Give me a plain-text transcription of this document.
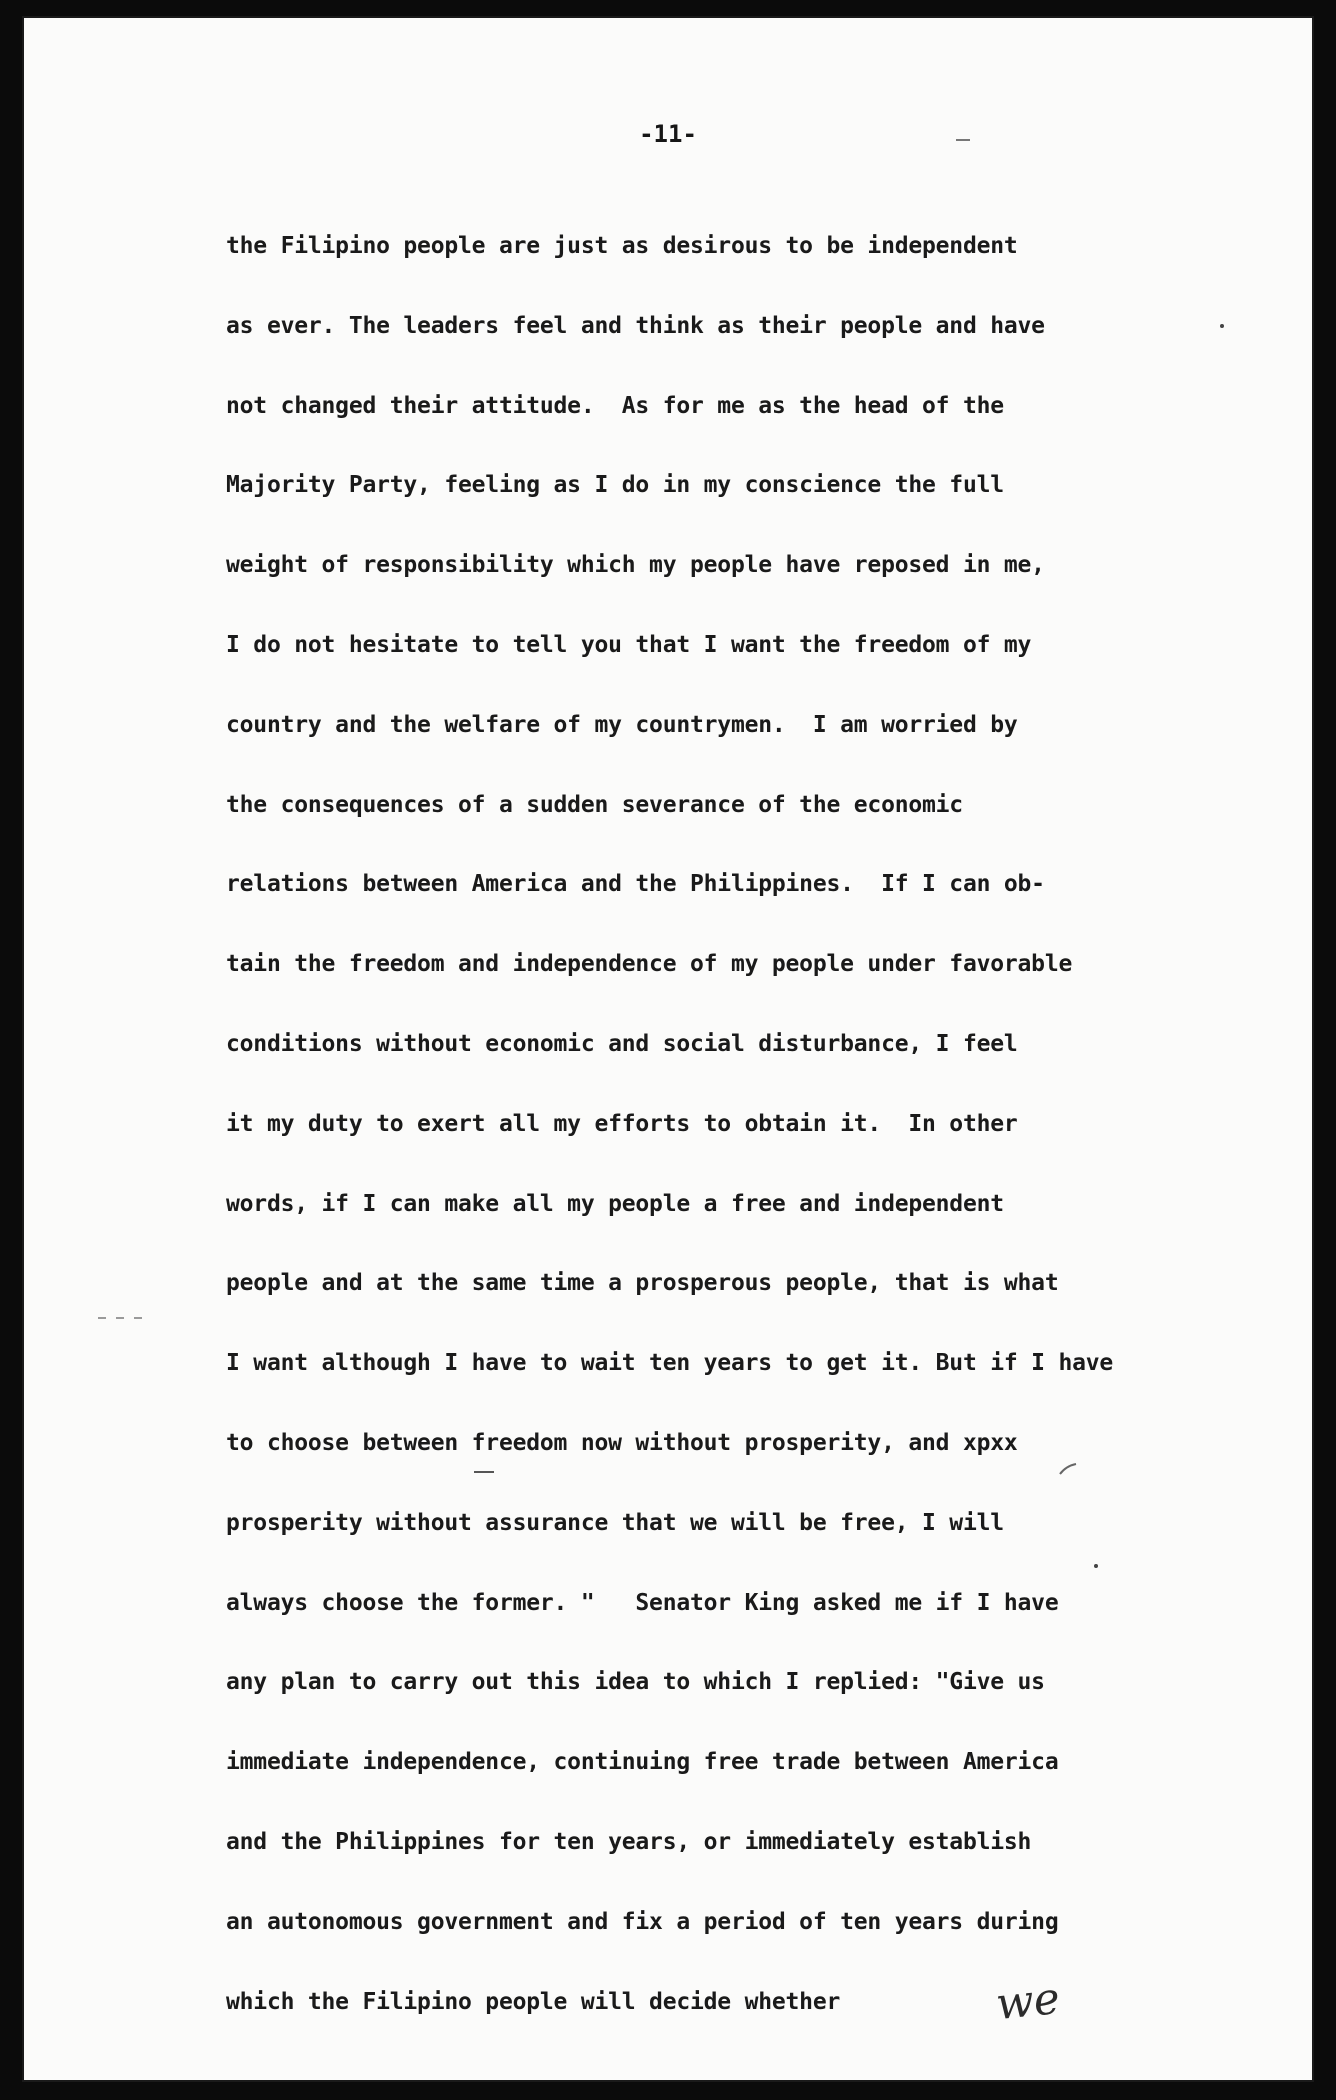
-11-
the Filipino people are just as desirous to be independent
as ever. The leaders feel and think as their people and have
not changed their attitude.  As for me as the head of the
Majority Party, feeling as I do in my conscience the full
weight of responsibility which my people have reposed in me,
I do not hesitate to tell you that I want the freedom of my
country and the welfare of my countrymen.  I am worried by
the consequences of a sudden severance of the economic
relations between America and the Philippines.  If I can ob-
tain the freedom and independence of my people under favorable
conditions without economic and social disturbance, I feel
it my duty to exert all my efforts to obtain it.  In other
words, if I can make all my people a free and independent
people and at the same time a prosperous people, that is what
I want although I have to wait ten years to get it. But if I have
to choose between freedom now without prosperity, and xpxx
prosperity without assurance that we will be free, I will
always choose the former. "   Senator King asked me if I have
any plan to carry out this idea to which I replied: "Give us
immediate independence, continuing free trade between America
and the Philippines for ten years, or immediately establish
an autonomous government and fix a period of ten years during
which the Filipino people will decide whether	we
